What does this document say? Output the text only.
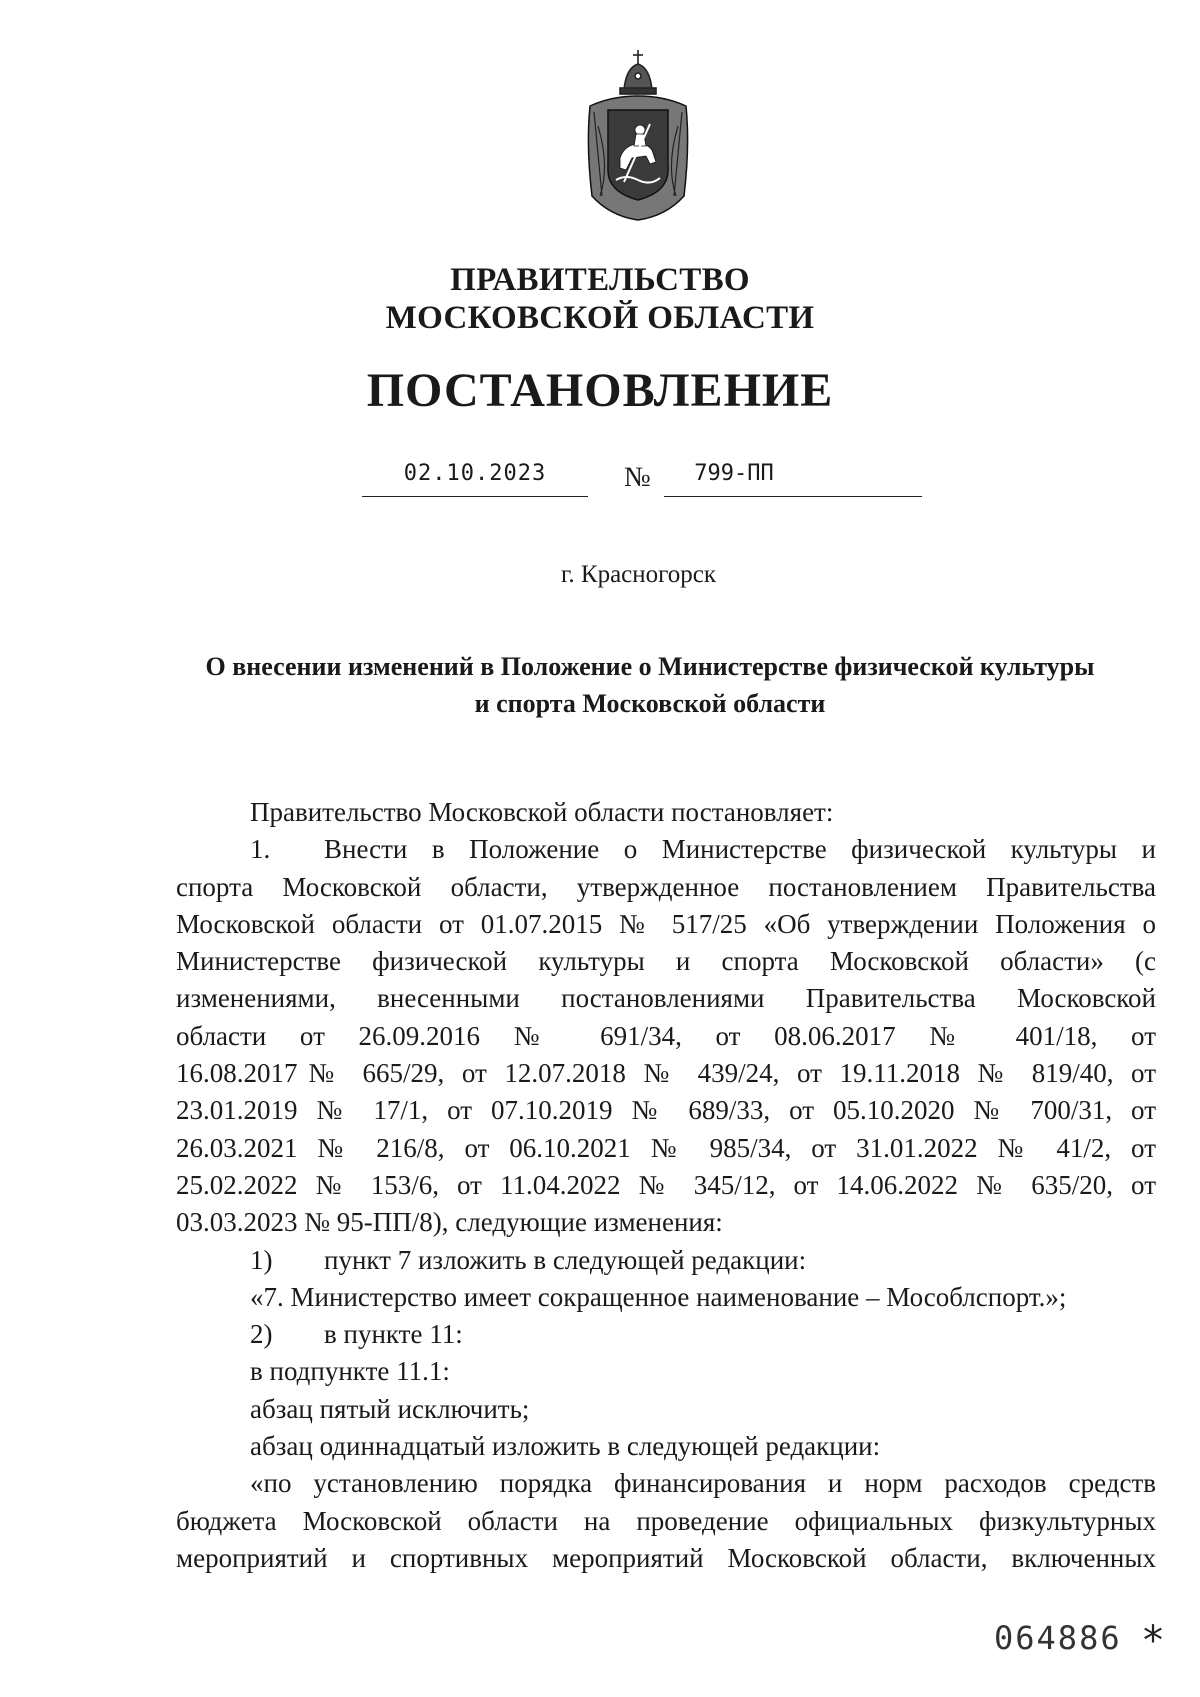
ПРАВИТЕЛЬСТВО
МОСКОВСКОЙ ОБЛАСТИ
ПОСТАНОВЛЕНИЕ
02.10.2023	№	799-ПП
г. Красногорск
О внесении изменений в Положение о Министерстве физической культуры
и спорта Московской области

Правительство Московской области постановляет:

1. Внести в Положение о Министерстве физической культуры и

спорта Московской области, утвержденное постановлением Правительства

Московской области от 01.07.2015 № 517/25 «Об утверждении Положения о

Министерстве физической культуры и спорта Московской области» (с

изменениями, внесенными постановлениями Правительства Московской

области от 26.09.2016 № 691/34, от 08.06.2017 № 401/18, от

16.08.2017№ 665/29, от 12.07.2018 № 439/24, от 19.11.2018 № 819/40, от

23.01.2019 № 17/1, от 07.10.2019 № 689/33, от 05.10.2020 № 700/31, от

26.03.2021 № 216/8, от 06.10.2021 № 985/34, от 31.01.2022 № 41/2, от

25.02.2022 № 153/6, от 11.04.2022 № 345/12, от 14.06.2022 № 635/20, от

03.03.2023 № 95-ПП/8), следующие изменения:

1) пункт 7 изложить в следующей редакции:

«7. Министерство имеет сокращенное наименование – Мособлспорт.»;

2) в пункте 11:

в подпункте 11.1:

абзац пятый исключить;

абзац одиннадцатый изложить в следующей редакции:

«по установлению порядка финансирования и норм расходов средств

бюджета Московской области на проведение официальных физкультурных

мероприятий и спортивных мероприятий Московской области, включенных

064886 *
